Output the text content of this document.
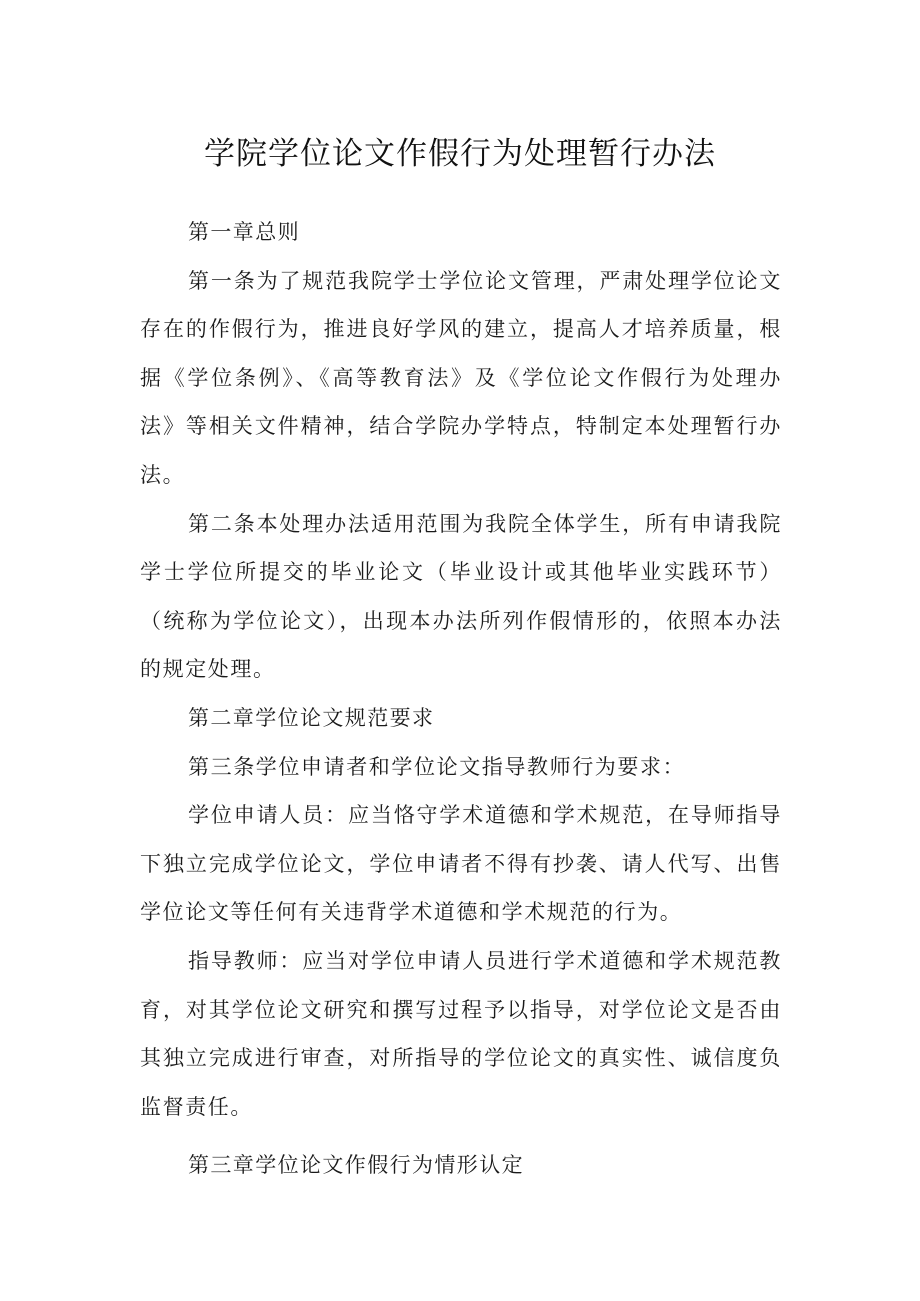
学院学位论文作假行为处理暂行办法

第一章总则

第一条为了规范我院学士学位论文管理，严肃处理学位论文存在的作假行为，推进良好学风的建立，提高人才培养质量，根据《学位条例》、《高等教育法》及《学位论文作假行为处理办法》等相关文件精神，结合学院办学特点，特制定本处理暂行办法。

第二条本处理办法适用范围为我院全体学生，所有申请我院学士学位所提交的毕业论文（毕业设计或其他毕业实践环节）（统称为学位论文），出现本办法所列作假情形的，依照本办法的规定处理。

第二章学位论文规范要求

第三条学位申请者和学位论文指导教师行为要求：

学位申请人员：应当恪守学术道德和学术规范，在导师指导下独立完成学位论文，学位申请者不得有抄袭、请人代写、出售学位论文等任何有关违背学术道德和学术规范的行为。

指导教师：应当对学位申请人员进行学术道德和学术规范教育，对其学位论文研究和撰写过程予以指导，对学位论文是否由其独立完成进行审查，对所指导的学位论文的真实性、诚信度负监督责任。

第三章学位论文作假行为情形认定
